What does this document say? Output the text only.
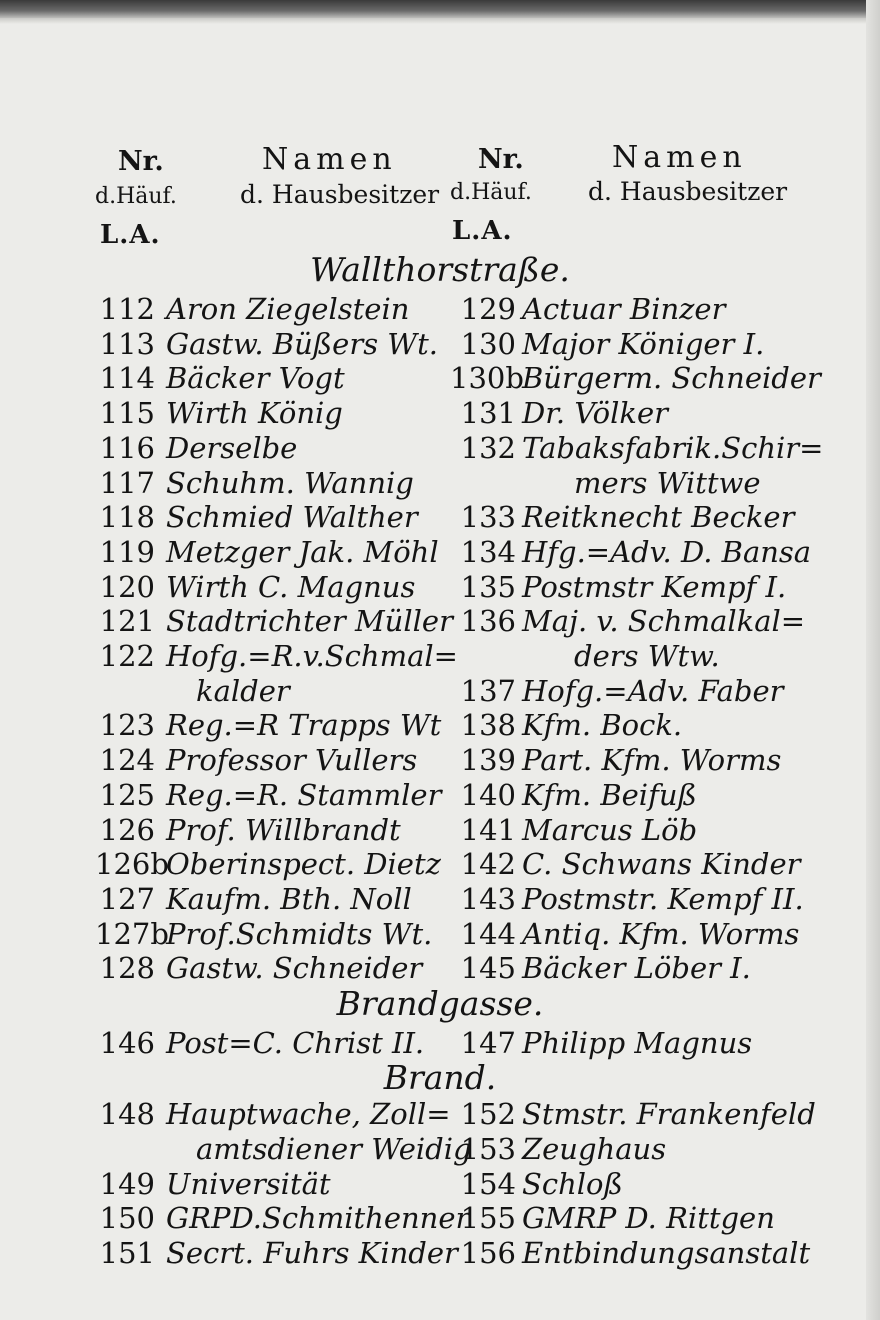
Nr.
d.Häuf.
Namen
d. Hausbesitzer
L.A.
Nr.
d.Häuf.
Namen
d. Hausbesitzer
L.A.
Wallthorstraße.
112 Aron Ziegelstein
113 Gastw. Büßers Wt.
114 Bäcker Vogt
115 Wirth König
116 Derselbe
117 Schuhm. Wannig
118 Schmied Walther
119 Metzger Jak. Möhl
120 Wirth C. Magnus
121 Stadtrichter Müller
122 Hofg.=R.v.Schmal=
kalder
123 Reg.=R Trapps Wt
124 Professor Vullers
125 Reg.=R. Stammler
126 Prof. Willbrandt
126b
Oberinspect. Dietz
127 Kaufm. Bth. Noll
127b
Prof.Schmidts Wt.
128 Gastw. Schneider
129 Actuar Binzer
130 Major Königer I.
130b
Bürgerm. Schneider
131 Dr. Völker
132 Tabaksfabrik.Schir=
mers Wittwe
133 Reitknecht Becker
134 Hfg.=Adv. D. Bansa
135 Postmstr Kempf I.
136 Maj. v. Schmalkal=
ders Wtw.
137 Hofg.=Adv. Faber
138 Kfm. Bock.
139 Part. Kfm. Worms
140 Kfm. Beifuß
141 Marcus Löb
142 C. Schwans Kinder
143 Postmstr. Kempf II.
144 Antiq. Kfm. Worms
145 Bäcker Löber I.
Brandgasse.
146 Post=C. Christ II.	147 Philipp Magnus
Brand.
148 Hauptwache, Zoll=
amtsdiener Weidig
149 Universität
150 GRPD.Schmithenner
151 Secrt. Fuhrs Kinder
152 Stmstr. Frankenfeld
153 Zeughaus
154 Schloß
155 GMRP D. Rittgen
156 Entbindungsanstalt
